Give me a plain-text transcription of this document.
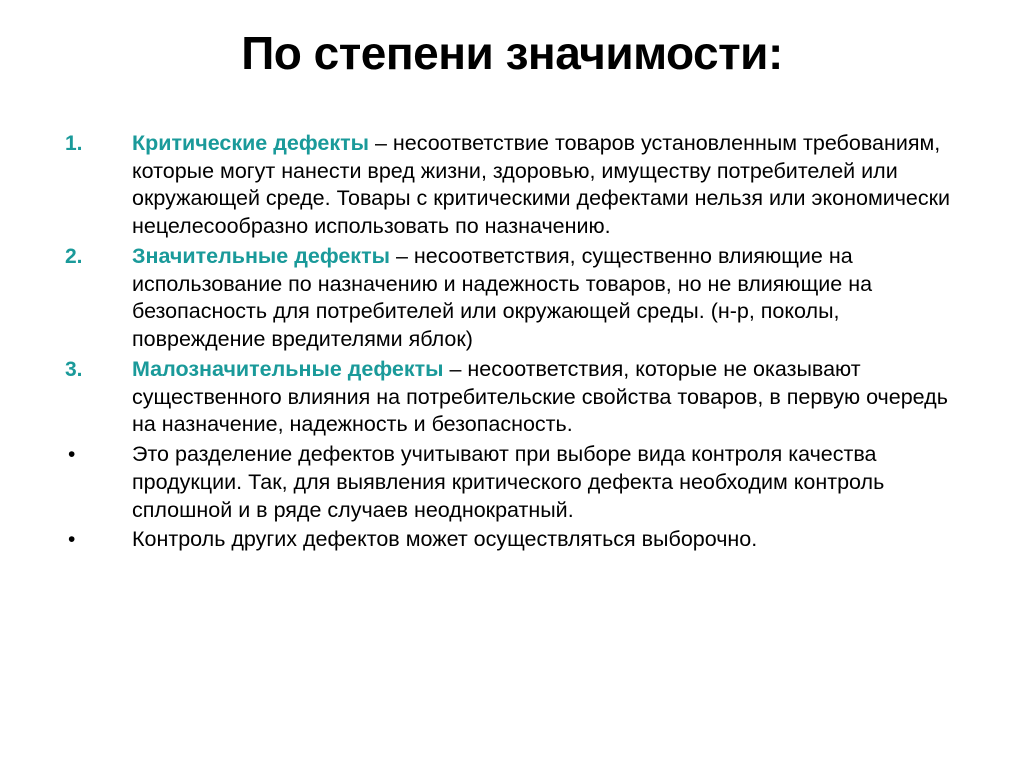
По степени значимости:
1.	Критические дефекты – несоответствие товаров установленным требованиям, которые могут нанести вред жизни, здоровью, имуществу потребителей или окружающей среде. Товары с критическими дефектами нельзя или экономически нецелесообразно использовать по назначению.
2.	Значительные дефекты – несоответствия, существенно влияющие на использование по назначению и надежность товаров, но не влияющие на безопасность для потребителей или окружающей среды. (н-р, поколы, повреждение вредителями яблок)
3.	Малозначительные дефекты – несоответствия, которые не оказывают существенного влияния на потребительские свойства товаров, в первую очередь на назначение, надежность и безопасность.
•	Это разделение дефектов учитывают при выборе вида контроля качества продукции. Так, для выявления критического дефекта необходим контроль сплошной и в ряде случаев неоднократный.
•	Контроль других дефектов может осуществляться выборочно.
